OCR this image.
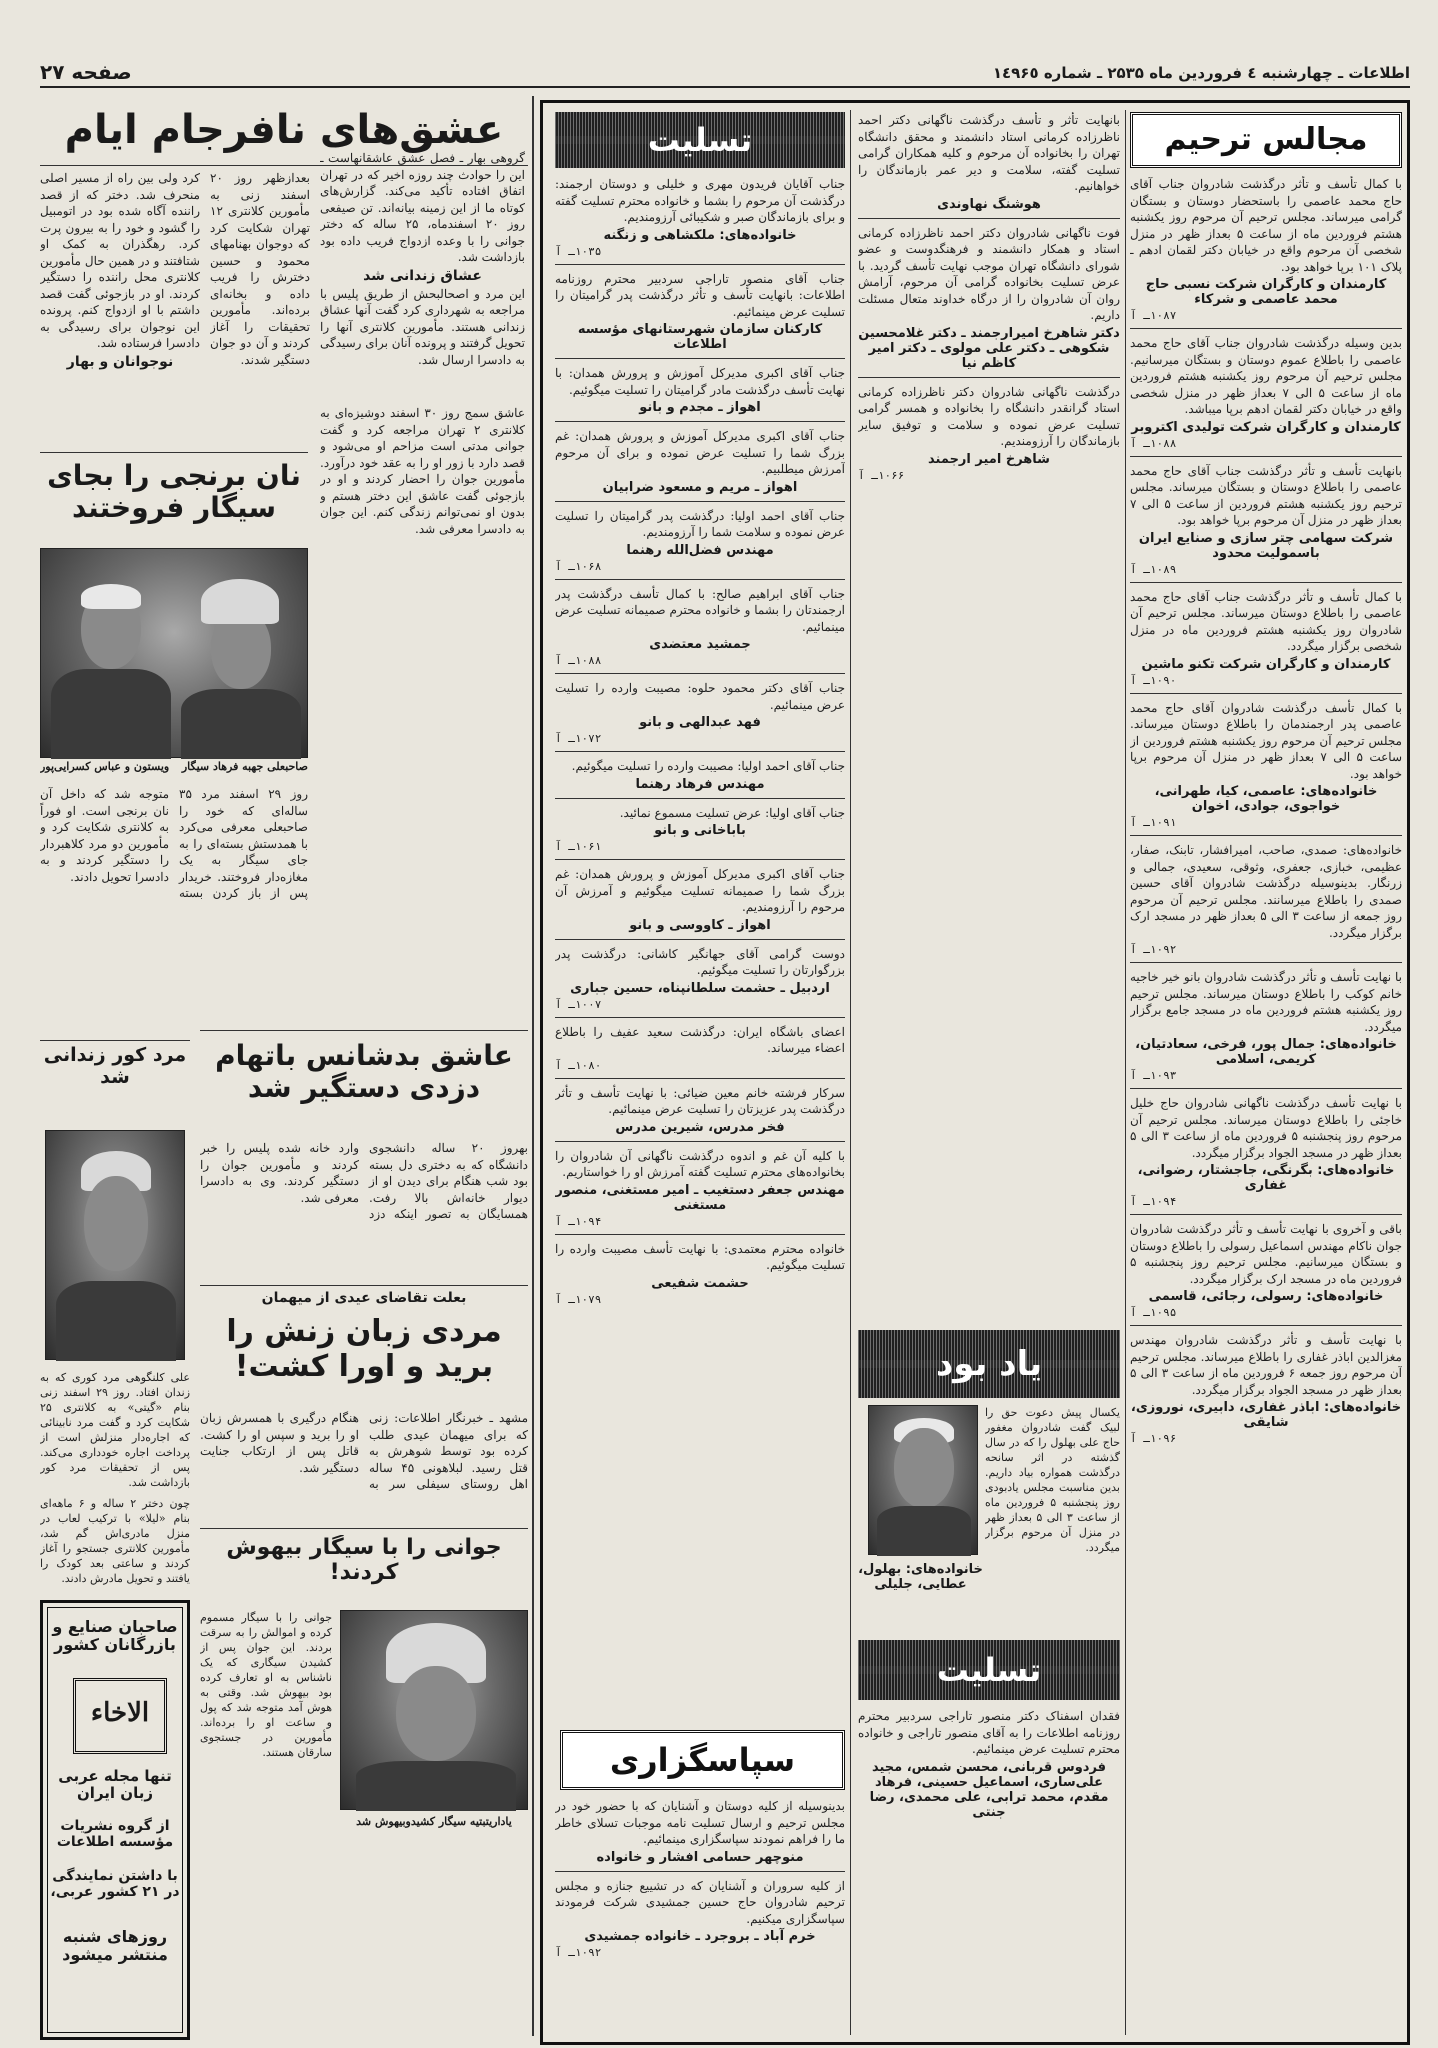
اطلاعات ـ چهارشنبه ٤ فروردین ماه ۲۵۳۵ ـ شماره ۱٤۹۶٥
صفحه ۲۷
عشق‌های نافرجام ایام

گروهی بهار ـ فصل عشق عاشقانهاست ـ این را حوادث چند روزه اخیر که در تهران اتفاق افتاده تأکید می‌کند. گزارش‌های کوتاه ما از این زمینه بیانه‌اند. تن صیفعی روز ۲۰ اسفندماه، ۲۵ ساله که دختر جوانی را با وعده ازدواج فریب داده بود بازداشت شد.

عشاق زندانی شد

این مرد و اصحالبحش از طریق پلیس با مراجعه به شهرداری کرد گفت آنها عشاق زندانی هستند. مأمورین کلانتری آنها را تحویل گرفتند و پرونده آنان برای رسیدگی به دادسرا ارسال شد.

بعدازظهر روز ۲۰ اسفند زنی به مأمورین کلانتری ۱۲ تهران شکایت کرد که دوجوان بهنامهای محمود و حسین دخترش را فریب داده و بخانه‌ای برده‌اند. مأمورین تحقیقات را آغاز کردند و آن دو جوان دستگیر شدند.

کرد ولی بین راه از مسیر اصلی منحرف شد. دختر که از قصد راننده آگاه شده بود در اتومبیل را گشود و خود را به بیرون پرت کرد. رهگذران به کمک او شتافتند و در همین حال مأمورین کلانتری محل راننده را دستگیر کردند. او در بازجوئی گفت قصد داشتم با او ازدواج کنم. پرونده این نوجوان برای رسیدگی به دادسرا فرستاده شد.

نوجوانان و بهار

عاشق سمج روز ۳۰ اسفند دوشیزه‌ای به کلانتری ۲ تهران مراجعه کرد و گفت جوانی مدتی است مزاحم او می‌شود و قصد دارد با زور او را به عقد خود درآورد. مأمورین جوان را احضار کردند و او در بازجوئی گفت عاشق این دختر هستم و بدون او نمی‌توانم زندگی کنم. این جوان به دادسرا معرفی شد.

نان برنجی را بجای سیگار فروختند
صاحبعلی جهبه فرهاد سیگار
ویستون و عباس کسرایی‌پور

روز ۲۹ اسفند مرد ۳۵ ساله‌ای که خود را صاحبعلی معرفی می‌کرد با همدستش بسته‌ای را به جای سیگار به یک مغازه‌دار فروختند. خریدار پس از باز کردن بسته متوجه شد که داخل آن نان برنجی است. او فوراً به کلانتری شکایت کرد و مأمورین دو مرد کلاهبردار را دستگیر کردند و به دادسرا تحویل دادند.

عاشق بدشانس باتهام دزدی دستگیر شد

بهروز ۲۰ ساله دانشجوی دانشگاه که به دختری دل بسته بود شب هنگام برای دیدن او از دیوار خانه‌اش بالا رفت. همسایگان به تصور اینکه دزد وارد خانه شده پلیس را خبر کردند و مأمورین جوان را دستگیر کردند. وی به دادسرا معرفی شد.

مرد کور زندانی شد

علی کلنگوهی مرد کوری که به زندان افتاد. روز ۲۹ اسفند زنی بنام «گیتی» به کلانتری ۲۵ شکایت کرد و گفت مرد نابینائی که اجاره‌دار منزلش است از پرداخت اجاره خودداری می‌کند. پس از تحقیقات مرد کور بازداشت شد.

چون دختر ۲ ساله و ۶ ماهه‌ای بنام «لیلا» با ترکیب لعاب در منزل مادری‌اش گم شد، مأمورین کلانتری جستجو را آغاز کردند و ساعتی بعد کودک را یافتند و تحویل مادرش دادند.

بعلت تقاضای عیدی از میهمان
مردی زبان زنش را برید و اورا کشت!

مشهد ـ خبرنگار اطلاعات: زنی که برای میهمان عیدی طلب کرده بود توسط شوهرش به قتل رسید. لبلاهونی ۴۵ ساله اهل روستای سیفلی سر به هنگام درگیری با همسرش زبان او را برید و سپس او را کشت. قاتل پس از ارتکاب جنایت دستگیر شد.

جوانی را با سیگار بیهوش کردند!
یاداریتبتیه سیگار کشیدوبیهوش شد

جوانی را با سیگار مسموم کرده و اموالش را به سرقت بردند. این جوان پس از کشیدن سیگاری که یک ناشناس به او تعارف کرده بود بیهوش شد. وقتی به هوش آمد متوجه شد که پول و ساعت او را برده‌اند. مأمورین در جستجوی سارقان هستند.

صاحبان صنایع و بازرگانان کشور
الاخاء
تنها مجله عربی زبان ایران
از گروه نشریات مؤسسه اطلاعات
با داشتن نمایندگی در ۲۱ کشور عربی،
روزهای شنبه منتشر میشود
مجالس ترحیم
تسلیت
یاد بود
تسلیت
سپاسگزاری

با کمال تأسف و تأثر درگذشت شادروان جناب آقای حاج محمد عاصمی را باستحضار دوستان و بستگان گرامی میرساند. مجلس ترحیم آن مرحوم روز یکشنبه هشتم فروردین ماه از ساعت ۵ بعداز ظهر در منزل شخصی آن مرحوم واقع در خیابان دکتر لقمان ادهم ـ پلاک ۱۰۱ برپا خواهد بود.

کارمندان و کارگران شرکت نسبی حاج محمد عاصمی و شرکاء
۱۰۸۷ـ آ

بدین وسیله درگذشت شادروان جناب آقای حاج محمد عاصمی را باطلاع عموم دوستان و بستگان میرسانیم. مجلس ترحیم آن مرحوم روز یکشنبه هشتم فروردین ماه از ساعت ۵ الی ۷ بعداز ظهر در منزل شخصی واقع در خیابان دکتر لقمان ادهم برپا میباشد.

کارمندان و کارگران شرکت تولیدی اکتروبر
۱۰۸۸ـ آ

بانهایت تأسف و تأثر درگذشت جناب آقای حاج محمد عاصمی را باطلاع دوستان و بستگان میرساند. مجلس ترحیم روز یکشنبه هشتم فروردین از ساعت ۵ الی ۷ بعداز ظهر در منزل آن مرحوم برپا خواهد بود.

شرکت سهامی چتر سازی و صنایع ایران باسمولیت محدود
۱۰۸۹ـ آ

با کمال تأسف و تأثر درگذشت جناب آقای حاج محمد عاصمی را باطلاع دوستان میرساند. مجلس ترحیم آن شادروان روز یکشنبه هشتم فروردین ماه در منزل شخصی برگزار میگردد.

کارمندان و کارگران شرکت تکنو ماشین
۱۰۹۰ـ آ

با کمال تأسف درگذشت شادروان آقای حاج محمد عاصمی پدر ارجمندمان را باطلاع دوستان میرساند. مجلس ترحیم آن مرحوم روز یکشنبه هشتم فروردین از ساعت ۵ الی ۷ بعداز ظهر در منزل آن مرحوم برپا خواهد بود.

خانواده‌های: عاصمی، کیا، طهرانی، خواجوی، جوادی، اخوان
۱۰۹۱ـ آ

خانواده‌های: صمدی، صاحب، امیرافشار، تابنک، صفار، عظیمی، خبازی، جعفری، وثوقی، سعیدی، جمالی و زرنگار. بدینوسیله درگذشت شادروان آقای حسین صمدی را باطلاع میرسانند. مجلس ترحیم آن مرحوم روز جمعه از ساعت ۳ الی ۵ بعداز ظهر در مسجد ارک برگزار میگردد.

۱۰۹۲ـ آ

با نهایت تأسف و تأثر درگذشت شادروان بانو خیر خاجیه خانم کوکب را باطلاع دوستان میرساند. مجلس ترحیم روز یکشنبه هشتم فروردین ماه در مسجد جامع برگزار میگردد.

خانواده‌های: جمال پور، فرخی، سعادتیان، کریمی، اسلامی
۱۰۹۳ـ آ

با نهایت تأسف درگذشت ناگهانی شادروان حاج خلیل خاجئی را باطلاع دوستان میرساند. مجلس ترحیم آن مرحوم روز پنجشنبه ۵ فروردین ماه از ساعت ۳ الی ۵ بعداز ظهر در مسجد الجواد برگزار میگردد.

خانواده‌های: بگرنگی، جاجشتار، رضوانی، غفاری
۱۰۹۴ـ آ

باقی و آخروی با نهایت تأسف و تأثر درگذشت شادروان جوان ناکام مهندس اسماعیل رسولی را باطلاع دوستان و بستگان میرسانیم. مجلس ترحیم روز پنجشنبه ۵ فروردین ماه در مسجد ارک برگزار میگردد.

خانواده‌های: رسولی، رجائی، قاسمی
۱۰۹۵ـ آ

با نهایت تأسف و تأثر درگذشت شادروان مهندس مغزالدین اباذر غفاری را باطلاع میرساند. مجلس ترحیم آن مرحوم روز جمعه ۶ فروردین ماه از ساعت ۳ الی ۵ بعداز ظهر در مسجد الجواد برگزار میگردد.

خانواده‌های: اباذر غفاری، دابیری، نوروزی، شایقی
۱۰۹۶ـ آ

بانهایت تأثر و تأسف درگذشت ناگهانی دکتر احمد ناظرزاده کرمانی استاد دانشمند و محقق دانشگاه تهران را بخانواده آن مرحوم و کلیه همکاران گرامی تسلیت گفته، سلامت و دیر عمر بازماندگان را خواهانیم.

هوشنگ نهاوندی

فوت ناگهانی شادروان دکتر احمد ناظرزاده کرمانی استاد و همکار دانشمند و فرهنگدوست و عضو شورای دانشگاه تهران موجب نهایت تأسف گردید. با عرض تسلیت بخانواده گرامی آن مرحوم، آرامش روان آن شادروان را از درگاه خداوند متعال مسئلت داریم.

دکتر شاهرخ امیرارجمند ـ دکتر غلامحسین شکوهی ـ دکتر علی مولوی ـ دکتر امیر کاظم نیا

درگذشت ناگهانی شادروان دکتر ناظرزاده کرمانی استاد گرانقدر دانشگاه را بخانواده و همسر گرامی تسلیت عرض نموده و سلامت و توفیق سایر بازماندگان را آرزومندیم.

شاهرخ امیر ارجمند
۱۰۶۶ـ آ

یکسال پیش دعوت حق را لبیک گفت شادروان مغفور حاج علی بهلول را که در سال گذشته در اثر سانحه درگذشت همواره بیاد داریم. بدین مناسبت مجلس یادبودی روز پنجشنبه ۵ فروردین ماه از ساعت ۳ الی ۵ بعداز ظهر در منزل آن مرحوم برگزار میگردد.

خانواده‌های: بهلول، عطایی، جلیلی

فقدان اسفناک دکتر منصور تاراجی سردبیر محترم روزنامه اطلاعات را به آقای منصور تاراجی و خانواده محترم تسلیت عرض مینمائیم.

فردوس قربانی، محسن شمس، مجید علی‌ساری، اسماعیل حسینی، فرهاد مقدم، محمد ترابی، علی محمدی، رضا جنتی

جناب آقایان فریدون مهری و خلیلی و دوستان ارجمند: درگذشت آن مرحوم را بشما و خانواده محترم تسلیت گفته و برای بازماندگان صبر و شکیبائی آرزومندیم.

خانواده‌های: ملکشاهی و زنگنه
۱۰۳۵ـ آ

جناب آقای منصور تاراجی سردبیر محترم روزنامه اطلاعات: بانهایت تأسف و تأثر درگذشت پدر گرامیتان را تسلیت عرض مینمائیم.

کارکنان سازمان شهرستانهای مؤسسه اطلاعات

جناب آقای اکبری مدیرکل آموزش و پرورش همدان: با نهایت تأسف درگذشت مادر گرامیتان را تسلیت میگوئیم.

اهواز ـ مجدم و بانو

جناب آقای اکبری مدیرکل آموزش و پرورش همدان: غم بزرگ شما را تسلیت عرض نموده و برای آن مرحوم آمرزش میطلبیم.

اهواز ـ مریم و مسعود ضرابیان

جناب آقای احمد اولیا: درگذشت پدر گرامیتان را تسلیت عرض نموده و سلامت شما را آرزومندیم.

مهندس فضل‌الله رهنما
۱۰۶۸ـ آ

جناب آقای ابراهیم صالح: با کمال تأسف درگذشت پدر ارجمندتان را بشما و خانواده محترم صمیمانه تسلیت عرض مینمائیم.

جمشید معتضدی
۱۰۸۸ـ آ

جناب آقای دکتر محمود حلوه: مصیبت وارده را تسلیت عرض مینمائیم.

فهد عبدالهی و بانو
۱۰۷۲ـ آ

جناب آقای احمد اولیا: مصیبت وارده را تسلیت میگوئیم.

مهندس فرهاد رهنما

جناب آقای اولیا: عرض تسلیت مسموع نمائید.

باباخانی و بانو
۱۰۶۱ـ آ

جناب آقای اکبری مدیرکل آموزش و پرورش همدان: غم بزرگ شما را صمیمانه تسلیت میگوئیم و آمرزش آن مرحوم را آرزومندیم.

اهواز ـ کاووسی و بانو

دوست گرامی آقای جهانگیر کاشانی: درگذشت پدر بزرگوارتان را تسلیت میگوئیم.

اردبیل ـ حشمت سلطانپناه، حسین جباری
۱۰۰۷ـ آ

اعضای باشگاه ایران: درگذشت سعید عفیف را باطلاع اعضاء میرساند.

۱۰۸۰ـ آ

سرکار فرشته خانم معین ضیائی: با نهایت تأسف و تأثر درگذشت پدر عزیزتان را تسلیت عرض مینمائیم.

فخر مدرس، شیرین مدرس

با کلیه آن غم و اندوه درگذشت ناگهانی آن شادروان را بخانواده‌های محترم تسلیت گفته آمرزش او را خواستاریم.

مهندس جعفر دستغیب ـ امیر مستغنی، منصور مستغنی
۱۰۹۴ـ آ

خانواده محترم معتمدی: با نهایت تأسف مصیبت وارده را تسلیت میگوئیم.

حشمت شفیعی
۱۰۷۹ـ آ

بدینوسیله از کلیه دوستان و آشنایان که با حضور خود در مجلس ترحیم و ارسال تسلیت نامه موجبات تسلای خاطر ما را فراهم نمودند سپاسگزاری مینمائیم.

منوچهر حسامی افشار و خانواده

از کلیه سروران و آشنایان که در تشییع جنازه و مجلس ترحیم شادروان حاج حسین جمشیدی شرکت فرمودند سپاسگزاری میکنیم.

خرم آباد ـ بروجرد ـ خانواده جمشیدی
۱۰۹۲ـ آ
